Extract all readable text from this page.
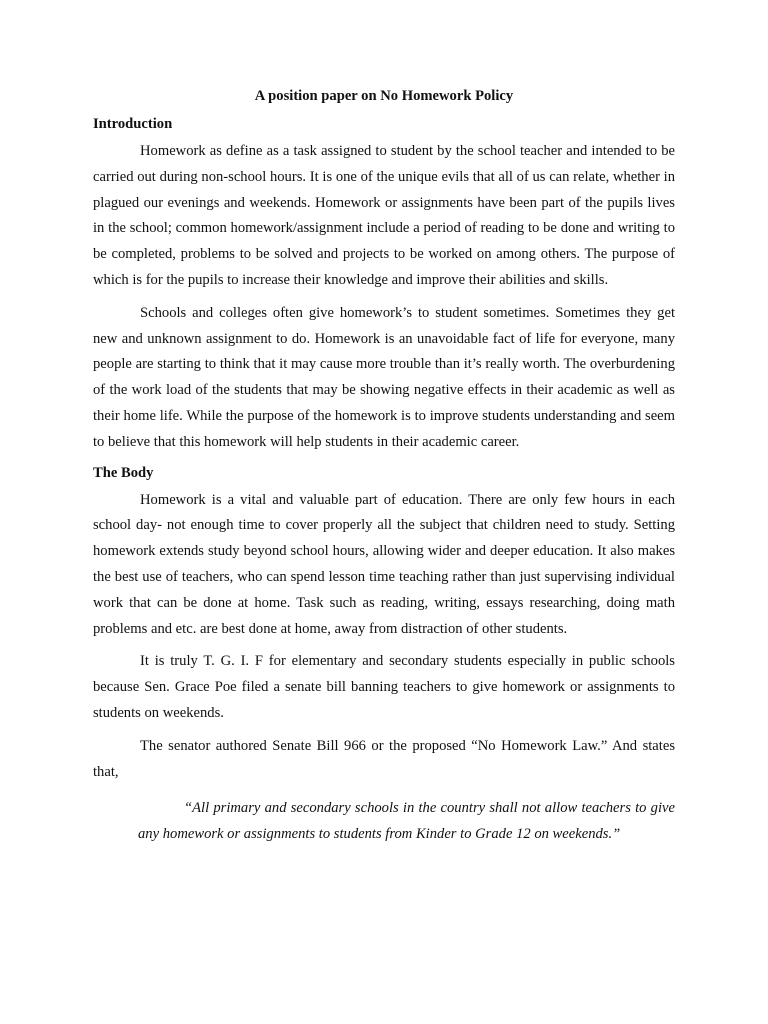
A position paper on No Homework Policy
Introduction

Homework as define as a task assigned to student by the school teacher and intended to be carried out during non-school hours. It is one of the unique evils that all of us can relate, whether in plagued our evenings and weekends. Homework or assignments have been part of the pupils lives in the school; common homework/assignment include a period of reading to be done and writing to be completed, problems to be solved and projects to be worked on among others. The purpose of which is for the pupils to increase their knowledge and improve their abilities and skills.

Schools and colleges often give homework’s to student sometimes. Sometimes they get new and unknown assignment to do. Homework is an unavoidable fact of life for everyone, many people are starting to think that it may cause more trouble than it’s really worth. The overburdening of the work load of the students that may be showing negative effects in their academic as well as their home life. While the purpose of the homework is to improve students understanding and seem to believe that this homework will help students in their academic career.

The Body

Homework is a vital and valuable part of education. There are only few hours in each school day- not enough time to cover properly all the subject that children need to study. Setting homework extends study beyond school hours, allowing wider and deeper education. It also makes the best use of teachers, who can spend lesson time teaching rather than just supervising individual work that can be done at home. Task such as reading, writing, essays researching, doing math problems and etc. are best done at home, away from distraction of other students.

It is truly T. G. I. F for elementary and secondary students especially in public schools because Sen. Grace Poe filed a senate bill banning teachers to give homework or assignments to students on weekends.

The senator authored Senate Bill 966 or the proposed “No Homework Law.” And states that,

“All primary and secondary schools in the country shall not allow teachers to give any homework or assignments to students from Kinder to Grade 12 on weekends.”
